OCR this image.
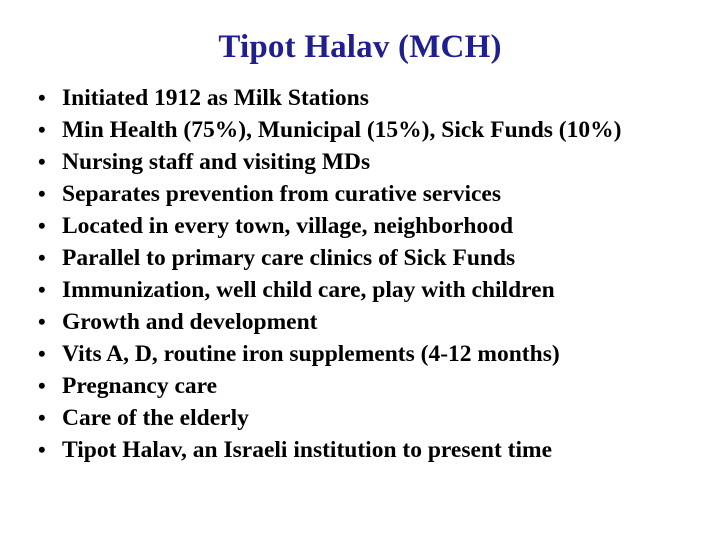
Tipot Halav (MCH)
• Initiated 1912 as Milk Stations
• Min Health (75%), Municipal (15%), Sick Funds (10%)
• Nursing staff and visiting MDs
• Separates prevention from curative services
• Located in every town, village, neighborhood
• Parallel to primary care clinics of Sick Funds
• Immunization, well child care, play with children
• Growth and development
• Vits A, D, routine iron supplements (4-12 months)
• Pregnancy care
• Care of the elderly
• Tipot Halav, an Israeli institution to present time
